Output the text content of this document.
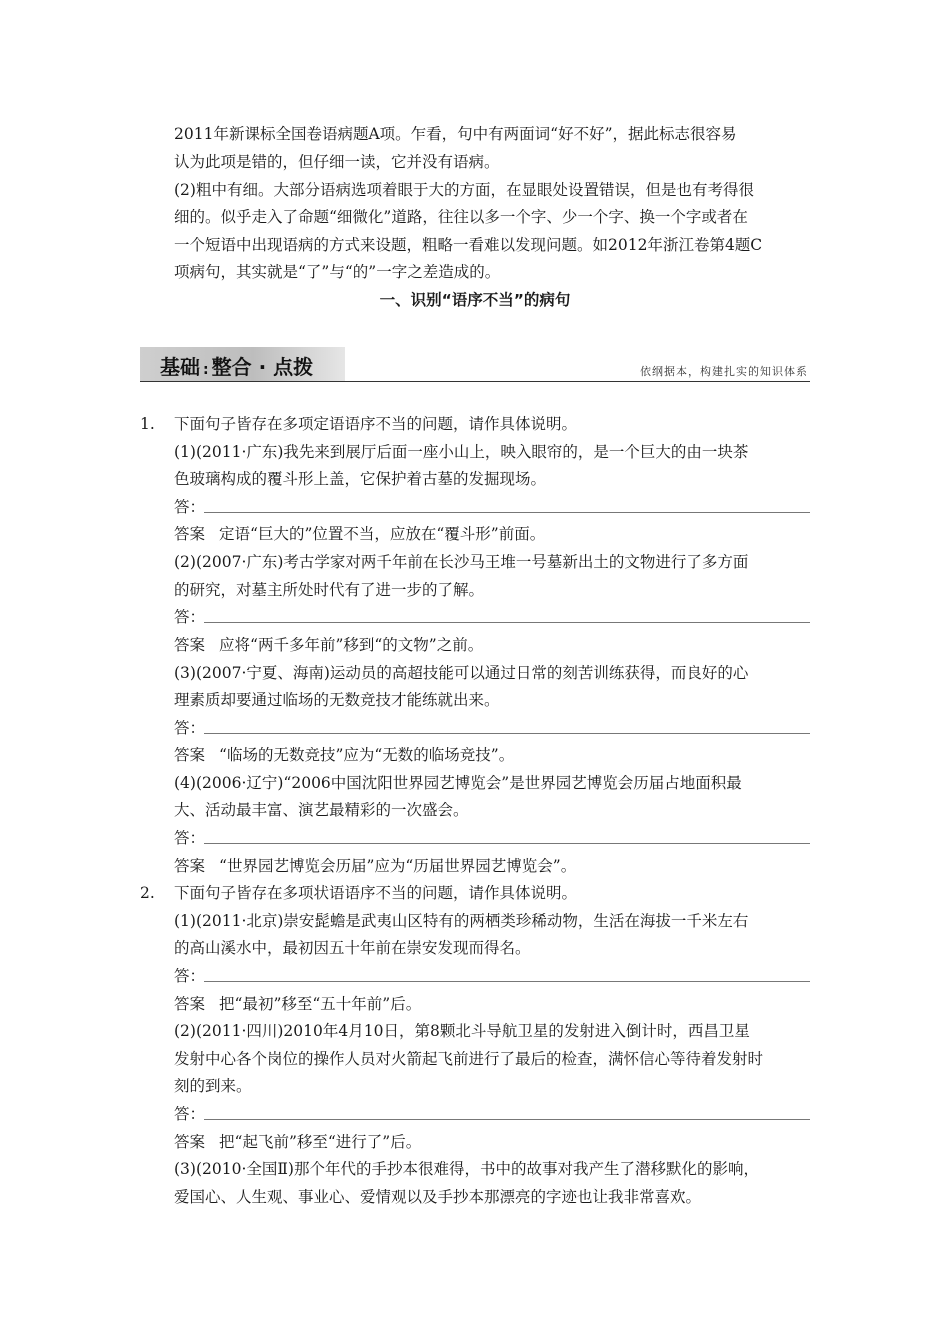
2011年新课标全国卷语病题A项。乍看，句中有两面词“好不好”，据此标志很容易
认为此项是错的，但仔细一读，它并没有语病。
(2)粗中有细。大部分语病选项着眼于大的方面，在显眼处设置错误，但是也有考得很
细的。似乎走入了命题“细微化”道路，往往以多一个字、少一个字、换一个字或者在
一个短语中出现语病的方式来设题，粗略一看难以发现问题。如2012年浙江卷第4题C
项病句，其实就是“了”与“的”一字之差造成的。
一、识别“语序不当”的病句
基础 : 整合 · 点拨	依纲据本，构建扎实的知识体系
1. 下面句子皆存在多项定语语序不当的问题，请作具体说明。
(1)(2011·广东)我先来到展厅后面一座小山上，映入眼帘的，是一个巨大的由一块茶
色玻璃构成的覆斗形上盖，它保护着古墓的发掘现场。
答：
答案 定语“巨大的”位置不当，应放在“覆斗形”前面。
(2)(2007·广东)考古学家对两千年前在长沙马王堆一号墓新出土的文物进行了多方面
的研究，对墓主所处时代有了进一步的了解。
答：
答案 应将“两千多年前”移到“的文物”之前。
(3)(2007·宁夏、海南)运动员的高超技能可以通过日常的刻苦训练获得，而良好的心
理素质却要通过临场的无数竞技才能练就出来。
答：
答案 “临场的无数竞技”应为“无数的临场竞技”。
(4)(2006·辽宁)“2006中国沈阳世界园艺博览会”是世界园艺博览会历届占地面积最
大、活动最丰富、演艺最精彩的一次盛会。
答：
答案 “世界园艺博览会历届”应为“历届世界园艺博览会”。
2. 下面句子皆存在多项状语语序不当的问题，请作具体说明。
(1)(2011·北京)崇安髭蟾是武夷山区特有的两栖类珍稀动物，生活在海拔一千米左右
的高山溪水中，最初因五十年前在崇安发现而得名。
答：
答案 把“最初”移至“五十年前”后。
(2)(2011·四川)2010年4月10日，第8颗北斗导航卫星的发射进入倒计时，西昌卫星
发射中心各个岗位的操作人员对火箭起飞前进行了最后的检查，满怀信心等待着发射时
刻的到来。
答：
答案 把“起飞前”移至“进行了”后。
(3)(2010·全国Ⅱ)那个年代的手抄本很难得，书中的故事对我产生了潜移默化的影响，
爱国心、人生观、事业心、爱情观以及手抄本那漂亮的字迹也让我非常喜欢。
